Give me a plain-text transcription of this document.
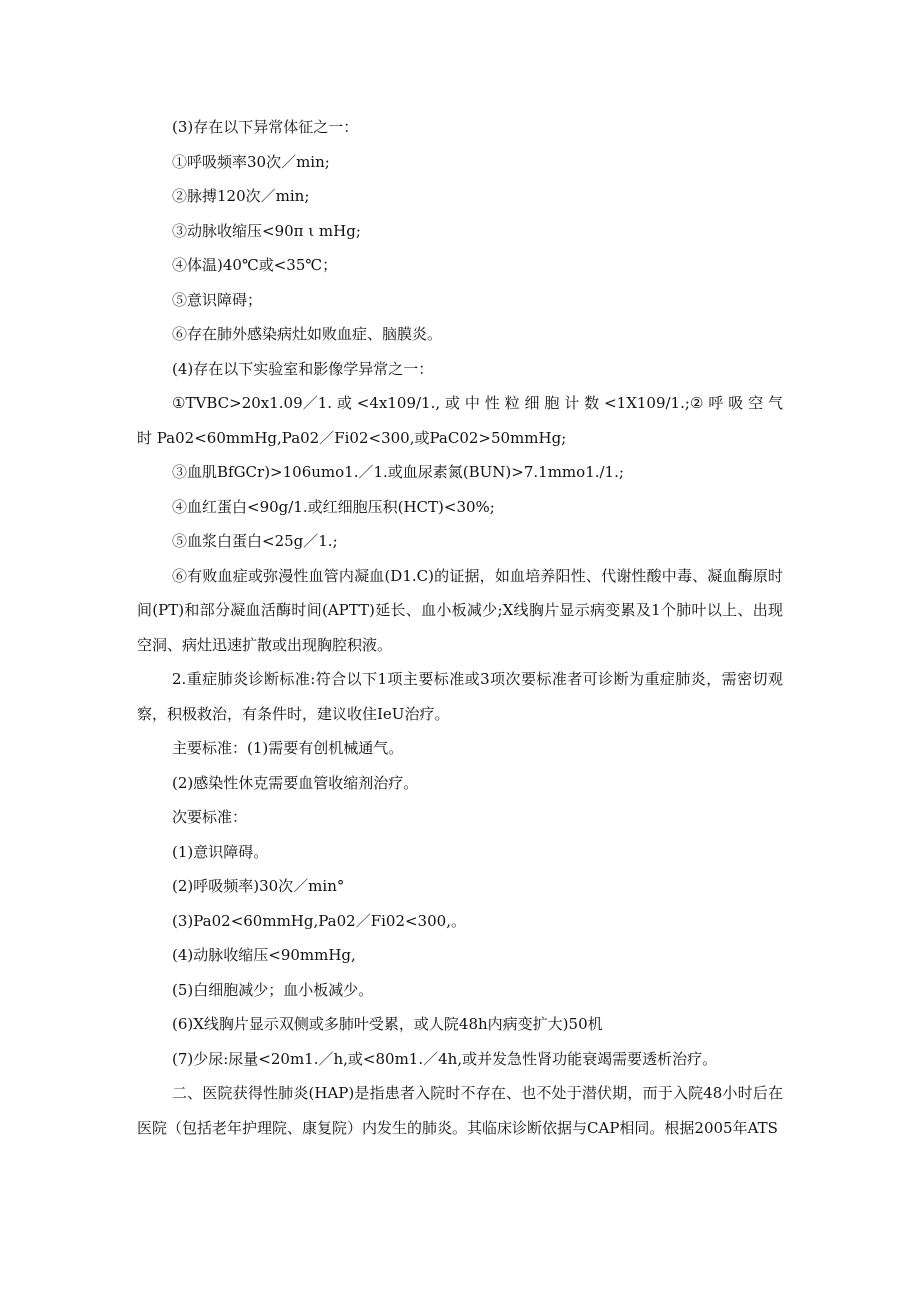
(3)存在以下异常体征之一：

①呼吸频率30次／min;

②脉搏120次／min;

③动脉收缩压<90π ι mHg;

④体温)40℃或<35℃；

⑤意识障碍；

⑥存在肺外感染病灶如败血症、脑膜炎。

(4)存在以下实验室和影像学异常之一：

①TVBC>20x1.09／1. 或 <4x109/1., 或 中 性 粒 细 胞 计 数 <1X109/1.;② 呼 吸 空 气 时 Pa02<60mmHg,Pa02／Fi02<300,或PaC02>50mmHg;

③血肌BfGCr)>106umo1.／1.或血尿素氮(BUN)>7.1mmo1./1.;

④血红蛋白<90g/1.或红细胞压积(HCT)<30%;

⑤血浆白蛋白<25g／1.;

⑥有败血症或弥漫性血管内凝血(D1.C)的证据，如血培养阳性、代谢性酸中毒、凝血酶原时间(PT)和部分凝血活酶时间(APTT)延长、血小板减少;X线胸片显示病变累及1个肺叶以上、出现空洞、病灶迅速扩散或出现胸腔积液。

2.重症肺炎诊断标准:符合以下1项主要标准或3项次要标准者可诊断为重症肺炎，需密切观察，积极救治，有条件时，建议收住IeU治疗。

主要标准：(1)需要有创机械通气。

(2)感染性休克需要血管收缩剂治疗。

次要标准：

(1)意识障碍。

(2)呼吸频率)30次／min°

(3)Pa02<60mmHg,Pa02／Fi02<300,。

(4)动脉收缩压<90mmHg,

(5)白细胞减少；血小板减少。

(6)X线胸片显示双侧或多肺叶受累，或人院48h内病变扩大)50机

(7)少尿:尿量<20m1.／h,或<80m1.／4h,或并发急性肾功能衰竭需要透析治疗。

二、医院获得性肺炎(HAP)是指患者入院时不存在、也不处于潜伏期，而于入院48小时后在医院（包括老年护理院、康复院）内发生的肺炎。其临床诊断依据与CAP相同。根据2005年ATS
